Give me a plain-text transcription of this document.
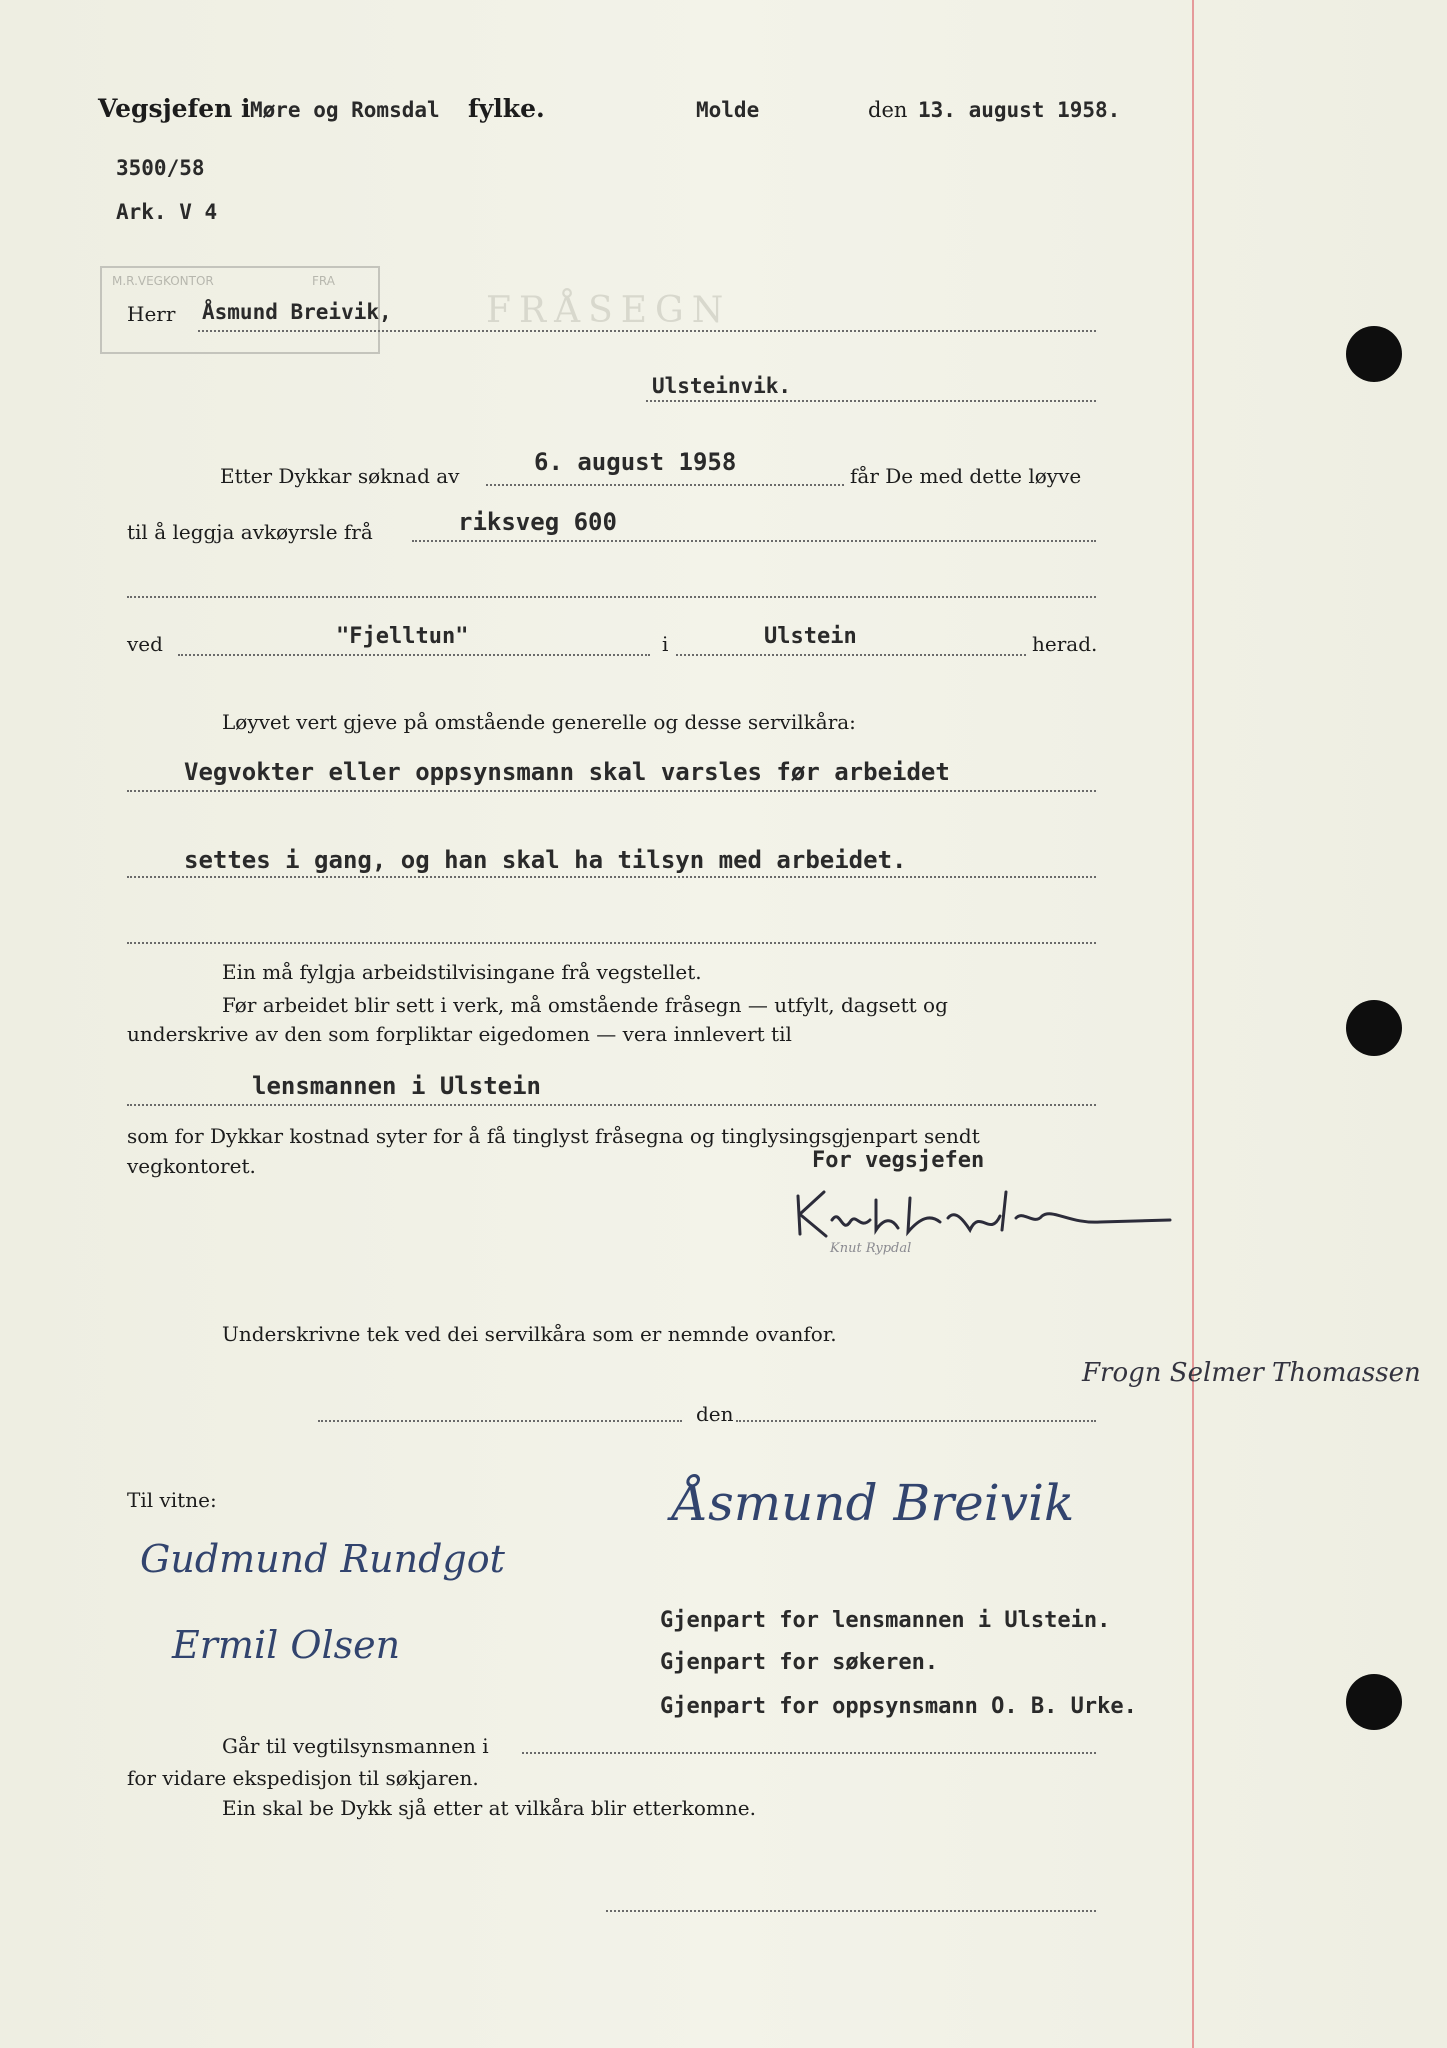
FRÅSEGN
M.R.VEGKONTOR	FRA
Vegsjefen i Møre og Romsdal fylke.	Molde	den 13. august 1958.
3500/58
Ark. V 4
Herr Åsmund Breivik,
Ulsteinvik.
Etter Dykkar søknad av	6. august 1958	får De med dette løyve
til å leggja avkøyrsle frå	riksveg 600
ved	"Fjelltun"	i	Ulstein	herad.
Løyvet vert gjeve på omstående generelle og desse servilkåra:
Vegvokter eller oppsynsmann skal varsles før arbeidet
settes i gang, og han skal ha tilsyn med arbeidet.
Ein må fylgja arbeidstilvisingane frå vegstellet.
Før arbeidet blir sett i verk, må omstående fråsegn — utfylt, dagsett og
underskrive av den som forpliktar eigedomen — vera innlevert til
lensmannen i Ulstein
som for Dykkar kostnad syter for å få tinglyst fråsegna og tinglysingsgjenpart sendt
vegkontoret.	For vegsjefen
Knut Rypdal
Underskrivne tek ved dei servilkåra som er nemnde ovanfor.
den
Frogn Selmer Thomassen
Til vitne:	Åsmund Breivik
Gudmund Rundgot
Ermil Olsen
Gjenpart for lensmannen i Ulstein.
Gjenpart for søkeren.
Gjenpart for oppsynsmann O. B. Urke.
Går til vegtilsynsmannen i
for vidare ekspedisjon til søkjaren.
Ein skal be Dykk sjå etter at vilkåra blir etterkomne.
